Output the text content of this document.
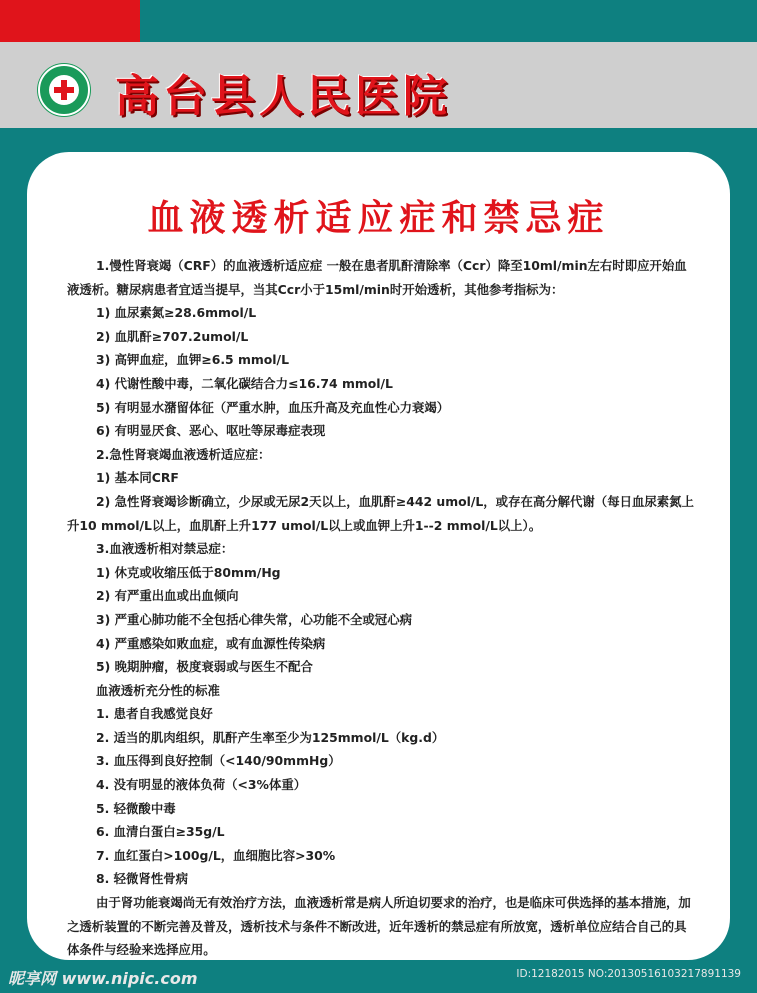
高台县人民医院
血液透析适应症和禁忌症

1.慢性肾衰竭（CRF）的血液透析适应症 一般在患者肌酐清除率（Ccr）降至10ml/min左右时即应开始血液透析。糖尿病患者宜适当提早，当其Ccr小于15ml/min时开始透析，其他参考指标为：

1) 血尿素氮≥28.6mmol/L

2) 血肌酐≥707.2umol/L

3) 高钾血症，血钾≥6.5 mmol/L

4) 代谢性酸中毒，二氧化碳结合力≤16.74 mmol/L

5) 有明显水潴留体征（严重水肿，血压升高及充血性心力衰竭）

6) 有明显厌食、恶心、呕吐等尿毒症表现

2.急性肾衰竭血液透析适应症：

1) 基本同CRF

2) 急性肾衰竭诊断确立，少尿或无尿2天以上，血肌酐≥442 umol/L，或存在高分解代谢（每日血尿素氮上升10 mmol/L以上，血肌酐上升177 umol/L以上或血钾上升1--2 mmol/L以上）。

3.血液透析相对禁忌症：

1) 休克或收缩压低于80mm/Hg

2) 有严重出血或出血倾向

3) 严重心肺功能不全包括心律失常，心功能不全或冠心病

4) 严重感染如败血症，或有血源性传染病

5) 晚期肿瘤，极度衰弱或与医生不配合

血液透析充分性的标准

1. 患者自我感觉良好

2. 适当的肌肉组织，肌酐产生率至少为125mmol/L（kg.d）

3. 血压得到良好控制（<140/90mmHg）

4. 没有明显的液体负荷（<3%体重）

5. 轻微酸中毒

6. 血清白蛋白≥35g/L

7. 血红蛋白>100g/L，血细胞比容>30%

8. 轻微肾性骨病

由于肾功能衰竭尚无有效治疗方法，血液透析常是病人所迫切要求的治疗，也是临床可供选择的基本措施，加之透析装置的不断完善及普及，透析技术与条件不断改进，近年透析的禁忌症有所放宽，透析单位应结合自己的具体条件与经验来选择应用。

昵享网 www.nipic.com	ID:12182015 NO:20130516103217891139
